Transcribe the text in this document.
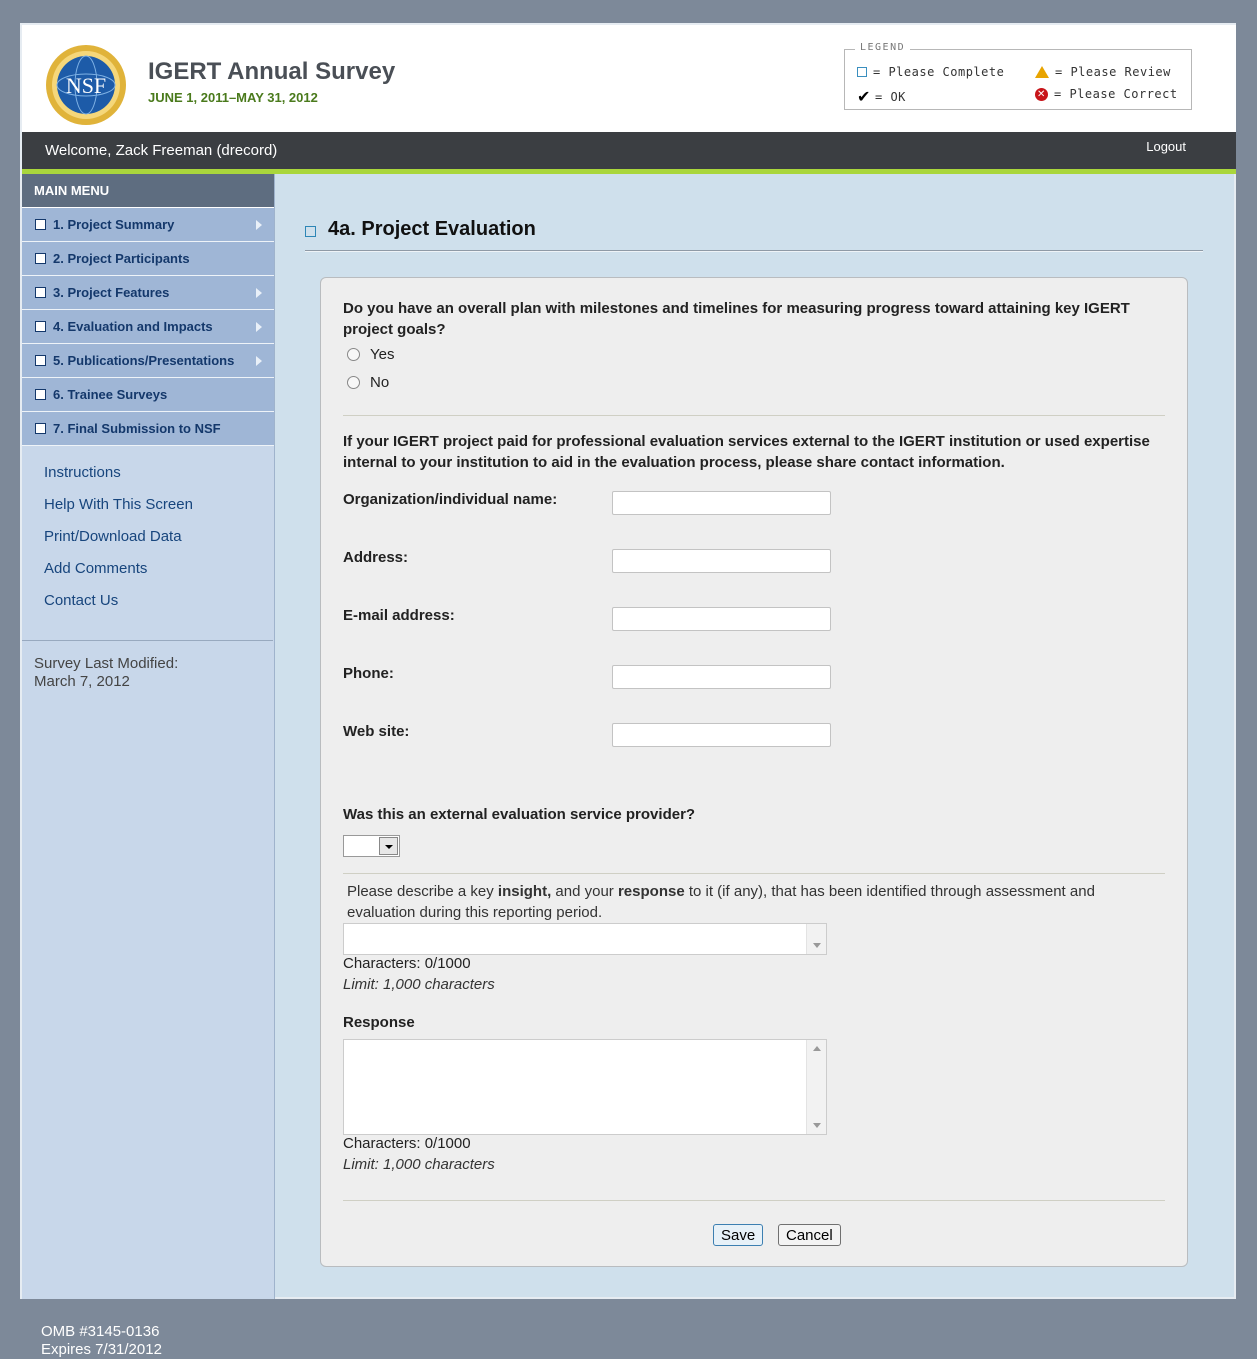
NSF
IGERT Annual Survey
JUNE 1, 2011–MAY 31, 2012
LEGEND
= Please Complete
✔ = OK
= Please Review
✕ = Please Correct
Welcome, Zack Freeman (drecord)	Logout
MAIN MENU
1. Project Summary
2. Project Participants
3. Project Features
4. Evaluation and Impacts
5. Publications/Presentations
6. Trainee Surveys
7. Final Submission to NSF
Instructions
Help With This Screen
Print/Download Data
Add Comments
Contact Us
Survey Last Modified:
March 7, 2012
4a. Project Evaluation
Do you have an overall plan with milestones and timelines for measuring progress toward attaining key IGERT project goals?
Yes
No
If your IGERT project paid for professional evaluation services external to the IGERT institution or used expertise internal to your institution to aid in the evaluation process, please share contact information.
Organization/individual name:
Address:
E-mail address:
Phone:
Web site:
Was this an external evaluation service provider?
Please describe a key insight, and your response to it (if any), that has been identified through assessment and evaluation during this reporting period.
Characters: 0/1000
Limit: 1,000 characters
Response
Characters: 0/1000
Limit: 1,000 characters
Save	Cancel
OMB #3145-0136
Expires 7/31/2012
